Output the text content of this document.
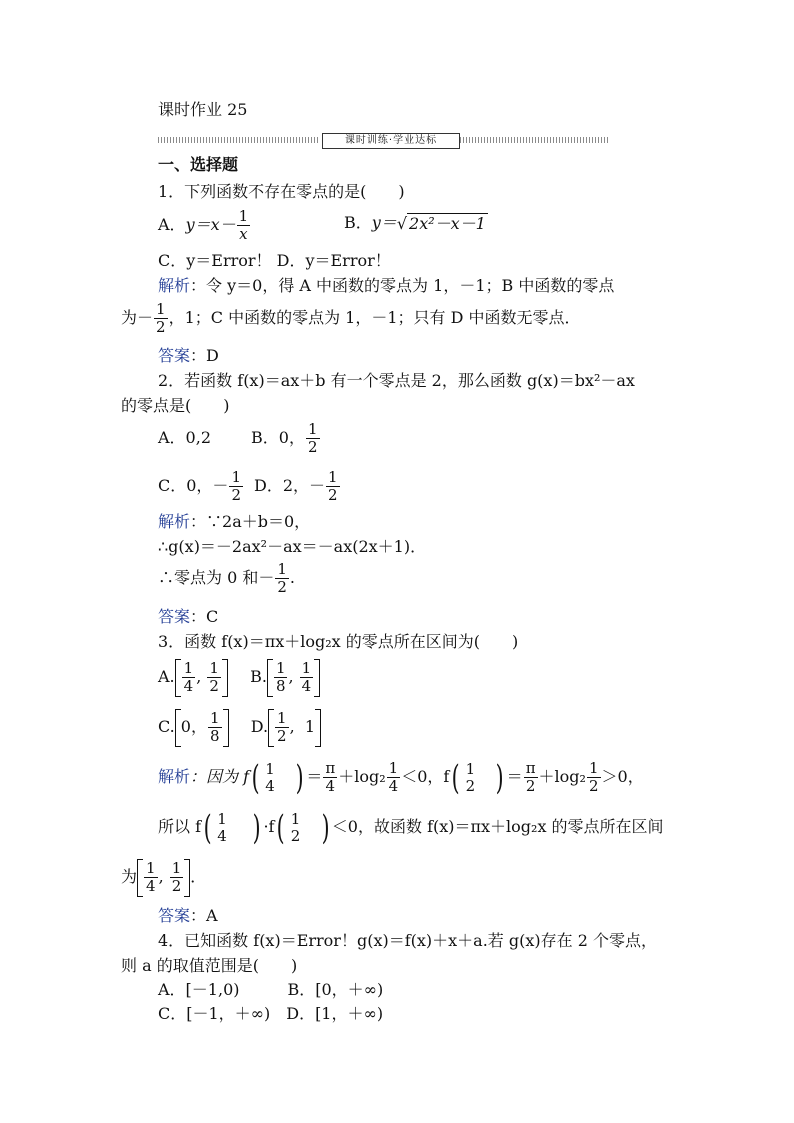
课时作业 25
课时训练·学业达标
一、选择题
1．下列函数不存在零点的是(　　)
A．$y=x- \frac{1}{x}$	B．y＝√ 2x²－x－1
C．y＝Error！ D．y＝Error！
解析：令 y＝0，得 A 中函数的零点为 1，－1；B 中函数的零点
为－ $\frac{1}{2}$ ，1；C 中函数的零点为 1，－1；只有 D 中函数无零点．
答案：D
2．若函数 f(x)＝ax＋b 有一个零点是 2，那么函数 g(x)＝bx²－ax
的零点是(　　)
A．0,2	B．0， $\frac{1}{2}$
C．0，－ $\frac{1}{2}$ D．2，－ $\frac{1}{2}$
解析：∵2a＋b＝0，
∴g(x)＝－2ax²－ax＝－ax(2x＋1)．
∴零点为 0 和－ $\frac{1}{2}$ .
答案：C
3．函数 f(x)＝πx＋log₂x 的零点所在区间为(　　)
A. $\frac{1}{4}$ , $\frac{1}{2} B$. $\frac{1}{8}$ , $\frac{1}{4}$
C. 0， $\frac{1}{8} D$. $\frac{1}{2}$ ,  1
解析：因为 f( 1
4 ) ＝ $\frac{\pi}{4} +\log_2 \frac{1}{4} <0$，f( 1
2 ) ＝ $\frac{\pi}{2} +\log_2 \frac{1}{2} >0$，
所以 f( 1
4 ) ·f( 1
2 ) ＜0，故函数 f(x)＝πx＋log₂x 的零点所在区间
为 $\frac{1}{4}$ , $\frac{1}{2}$ ．
答案：A
4．已知函数 f(x)＝Error！g(x)＝f(x)＋x＋a.若 g(x)存在 2 个零点，
则 a 的取值范围是(　　)
A．[－1,0)　　　B．[0，＋∞)
C．[－1，＋∞)　D．[1，＋∞)
